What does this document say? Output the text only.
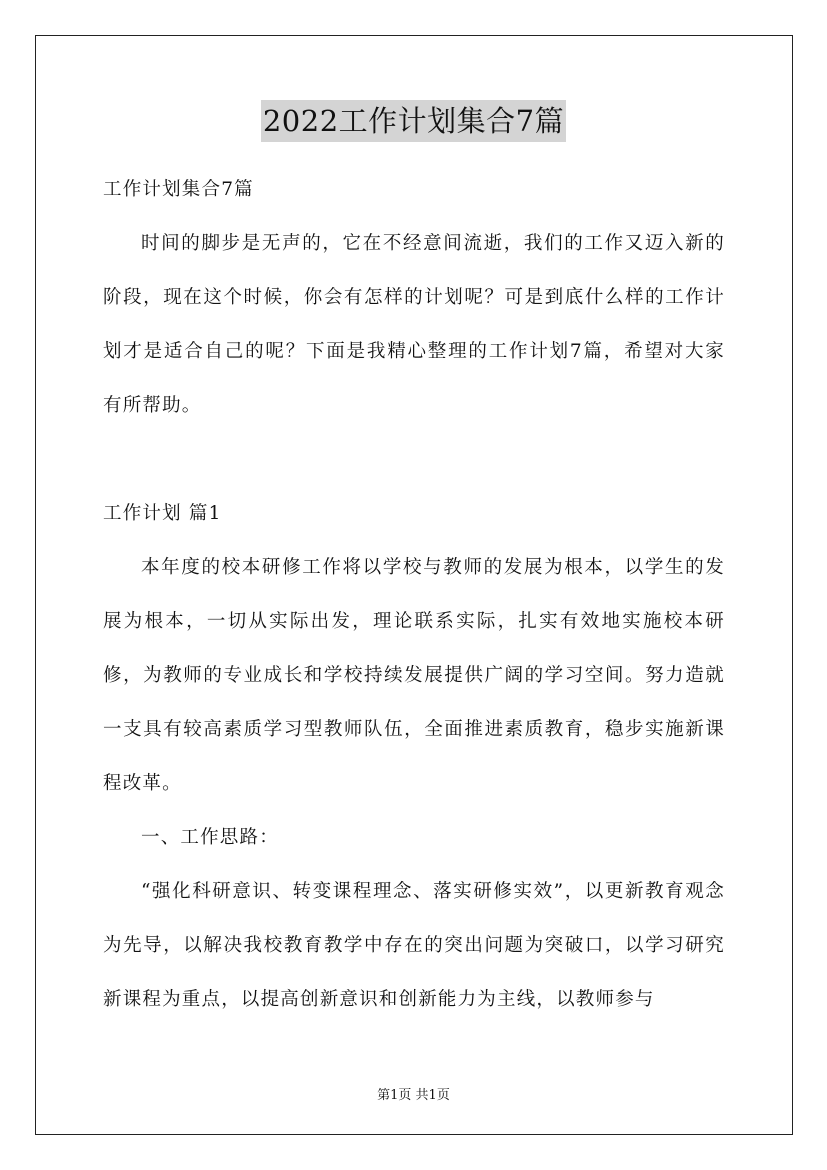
2022工作计划集合7篇

工作计划集合7篇

时间的脚步是无声的，它在不经意间流逝，我们的工作又迈入新的阶段，现在这个时候，你会有怎样的计划呢？可是到底什么样的工作计划才是适合自己的呢？下面是我精心整理的工作计划7篇，希望对大家有所帮助。

工作计划 篇1

本年度的校本研修工作将以学校与教师的发展为根本，以学生的发展为根本，一切从实际出发，理论联系实际，扎实有效地实施校本研修，为教师的专业成长和学校持续发展提供广阔的学习空间。努力造就一支具有较高素质学习型教师队伍，全面推进素质教育，稳步实施新课程改革。

一、工作思路：

“强化科研意识、转变课程理念、落实研修实效”，以更新教育观念为先导，以解决我校教育教学中存在的突出问题为突破口，以学习研究新课程为重点，以提高创新意识和创新能力为主线，以教师参与

第1页 共1页
